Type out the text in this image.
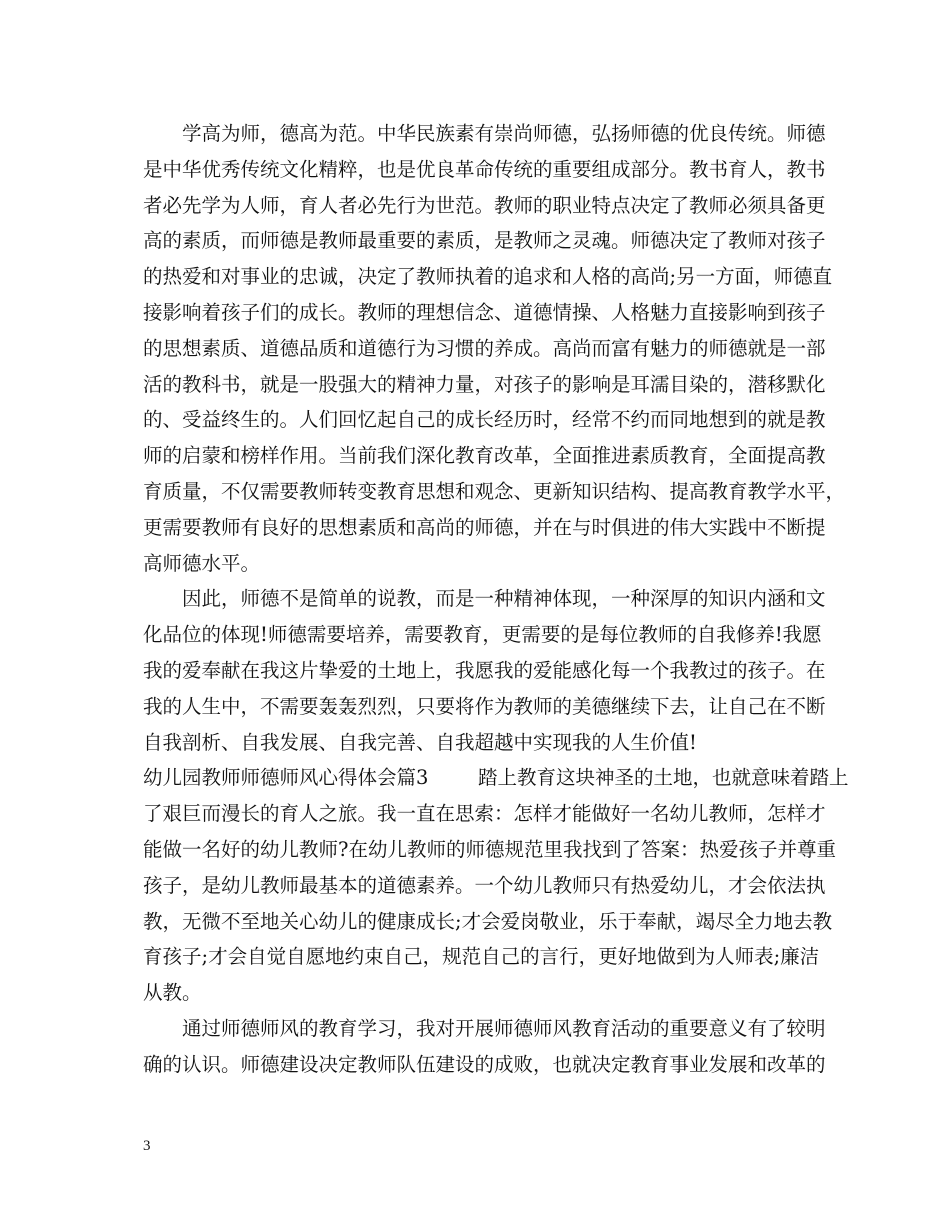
学高为师，德高为范。中华民族素有崇尚师德，弘扬师德的优良传统。师德
是中华优秀传统文化精粹，也是优良革命传统的重要组成部分。教书育人，教书
者必先学为人师，育人者必先行为世范。教师的职业特点决定了教师必须具备更
高的素质，而师德是教师最重要的素质，是教师之灵魂。师德决定了教师对孩子
的热爱和对事业的忠诚，决定了教师执着的追求和人格的高尚;另一方面，师德直
接影响着孩子们的成长。教师的理想信念、道德情操、人格魅力直接影响到孩子
的思想素质、道德品质和道德行为习惯的养成。高尚而富有魅力的师德就是一部
活的教科书，就是一股强大的精神力量，对孩子的影响是耳濡目染的，潜移默化
的、受益终生的。人们回忆起自己的成长经历时，经常不约而同地想到的就是教
师的启蒙和榜样作用。当前我们深化教育改革，全面推进素质教育，全面提高教
育质量，不仅需要教师转变教育思想和观念、更新知识结构、提高教育教学水平，
更需要教师有良好的思想素质和高尚的师德，并在与时俱进的伟大实践中不断提
高师德水平。
因此，师德不是简单的说教，而是一种精神体现，一种深厚的知识内涵和文
化品位的体现!师德需要培养，需要教育，更需要的是每位教师的自我修养!我愿
我的爱奉献在我这片挚爱的土地上，我愿我的爱能感化每一个我教过的孩子。在
我的人生中，不需要轰轰烈烈，只要将作为教师的美德继续下去，让自己在不断
自我剖析、自我发展、自我完善、自我超越中实现我的人生价值!
幼儿园教师师德师风心得体会篇3        踏上教育这块神圣的土地，也就意味着踏上
了艰巨而漫长的育人之旅。我一直在思索：怎样才能做好一名幼儿教师，怎样才
能做一名好的幼儿教师?在幼儿教师的师德规范里我找到了答案：热爱孩子并尊重
孩子，是幼儿教师最基本的道德素养。一个幼儿教师只有热爱幼儿，才会依法执
教，无微不至地关心幼儿的健康成长;才会爱岗敬业，乐于奉献，竭尽全力地去教
育孩子;才会自觉自愿地约束自己，规范自己的言行，更好地做到为人师表;廉洁
从教。
通过师德师风的教育学习，我对开展师德师风教育活动的重要意义有了较明
确的认识。师德建设决定教师队伍建设的成败，也就决定教育事业发展和改革的
3
